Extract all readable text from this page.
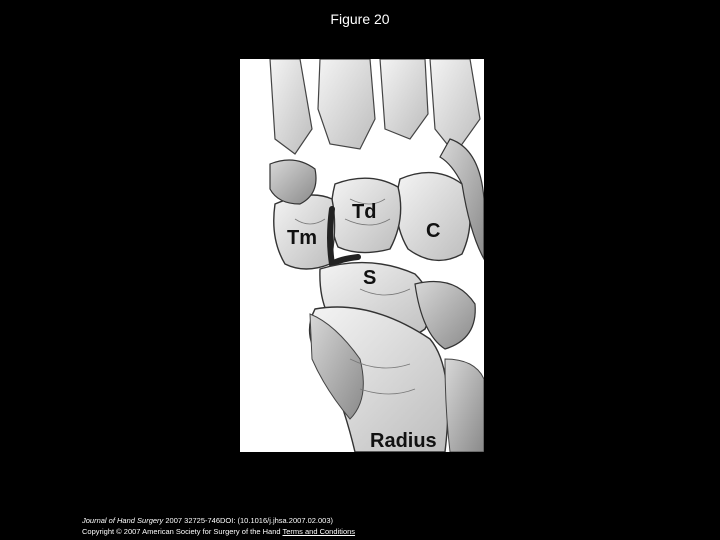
Figure 20
Td
Tm	C
S
Radius
Journal of Hand Surgery 2007 32725-746DOI: (10.1016/j.jhsa.2007.02.003)
Copyright © 2007 American Society for Surgery of the Hand Terms and Conditions
